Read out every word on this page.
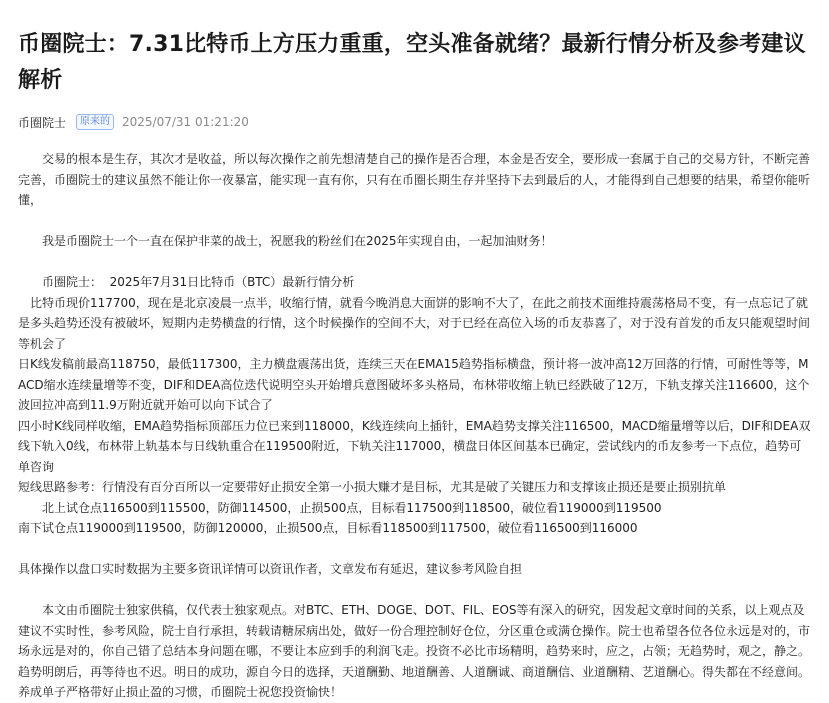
币圈院士：7.31比特币上方压力重重，空头准备就绪？最新行情分析及参考建议解析
币圈院士	原来的	2025/07/31 01:21:20

交易的根本是生存，其次才是收益，所以每次操作之前先想清楚自己的操作是否合理，本金是否安全，要形成一套属于自己的交易方针，不断完善完善，币圈院士的建议虽然不能让你一夜暴富，能实现一直有你，只有在币圈长期生存并坚持下去到最后的人，才能得到自己想要的结果，希望你能听懂，

我是币圈院士一个一直在保护非菜的战士，祝愿我的粉丝们在2025年实现自由，一起加油财务！

币圈院士：  2025年7月31日比特币（BTC）最新行情分析

比特币现价117700，现在是北京凌晨一点半，收缩行情，就看今晚消息大面饼的影响不大了，在此之前技术面维持震荡格局不变，有一点忘记了就是多头趋势还没有被破坏，短期内走势横盘的行情，这个时候操作的空间不大，对于已经在高位入场的币友恭喜了，对于没有首发的币友只能观望时间等机会了

日K线发稿前最高118750，最低117300，主力横盘震荡出货，连续三天在EMA15趋势指标横盘，预计将一波冲高12万回落的行情，可耐性等等，MACD缩水连续量增等不变，DIF和DEA高位迭代说明空头开始增兵意图破坏多头格局，布林带收缩上轨已经跌破了12万，下轨支撑关注116600，这个波回拉冲高到11.9万附近就开始可以向下试合了

四小时K线同样收缩，EMA趋势指标顶部压力位已来到118000，K线连续向上插针，EMA趋势支撑关注116500，MACD缩量增等以后，DIF和DEA双线下轨入0线，布林带上轨基本与日线轨重合在119500附近，下轨关注117000，横盘日体区间基本已确定，尝试线内的币友参考一下点位，趋势可单咨询

短线思路参考：行情没有百分百所以一定要带好止损安全第一小损大赚才是目标，尤其是破了关键压力和支撑该止损还是要止损别抗单

北上试仓点116500到115500，防御114500，止损500点，目标看117500到118500，破位看119000到119500

南下试仓点119000到119500，防御120000，止损500点，目标看118500到117500，破位看116500到116000

具体操作以盘口实时数据为主要多资讯详情可以资讯作者，文章发布有延迟，建议参考风险自担

本文由币圈院士独家供稿，仅代表士独家观点。对BTC、ETH、DOGE、DOT、FIL、EOS等有深入的研究，因发起文章时间的关系，以上观点及建议不实时性，参考风险，院士自行承担，转载请糖尿病出处，做好一份合理控制好仓位，分区重仓或满仓操作。院士也希望各位各位永远是对的，市场永远是对的，你自己错了总结本身问题在哪，不要让本应到手的利润飞走。投资不必比市场精明，趋势来时，应之，占领；无趋势时，观之，静之。趋势明朗后，再等待也不迟。明日的成功，源自今日的选择，天道酬勤、地道酬善、人道酬诚、商道酬信、业道酬精、艺道酬心。得失都在不经意间。养成单子严格带好止损止盈的习惯，币圈院士祝您投资愉快！
